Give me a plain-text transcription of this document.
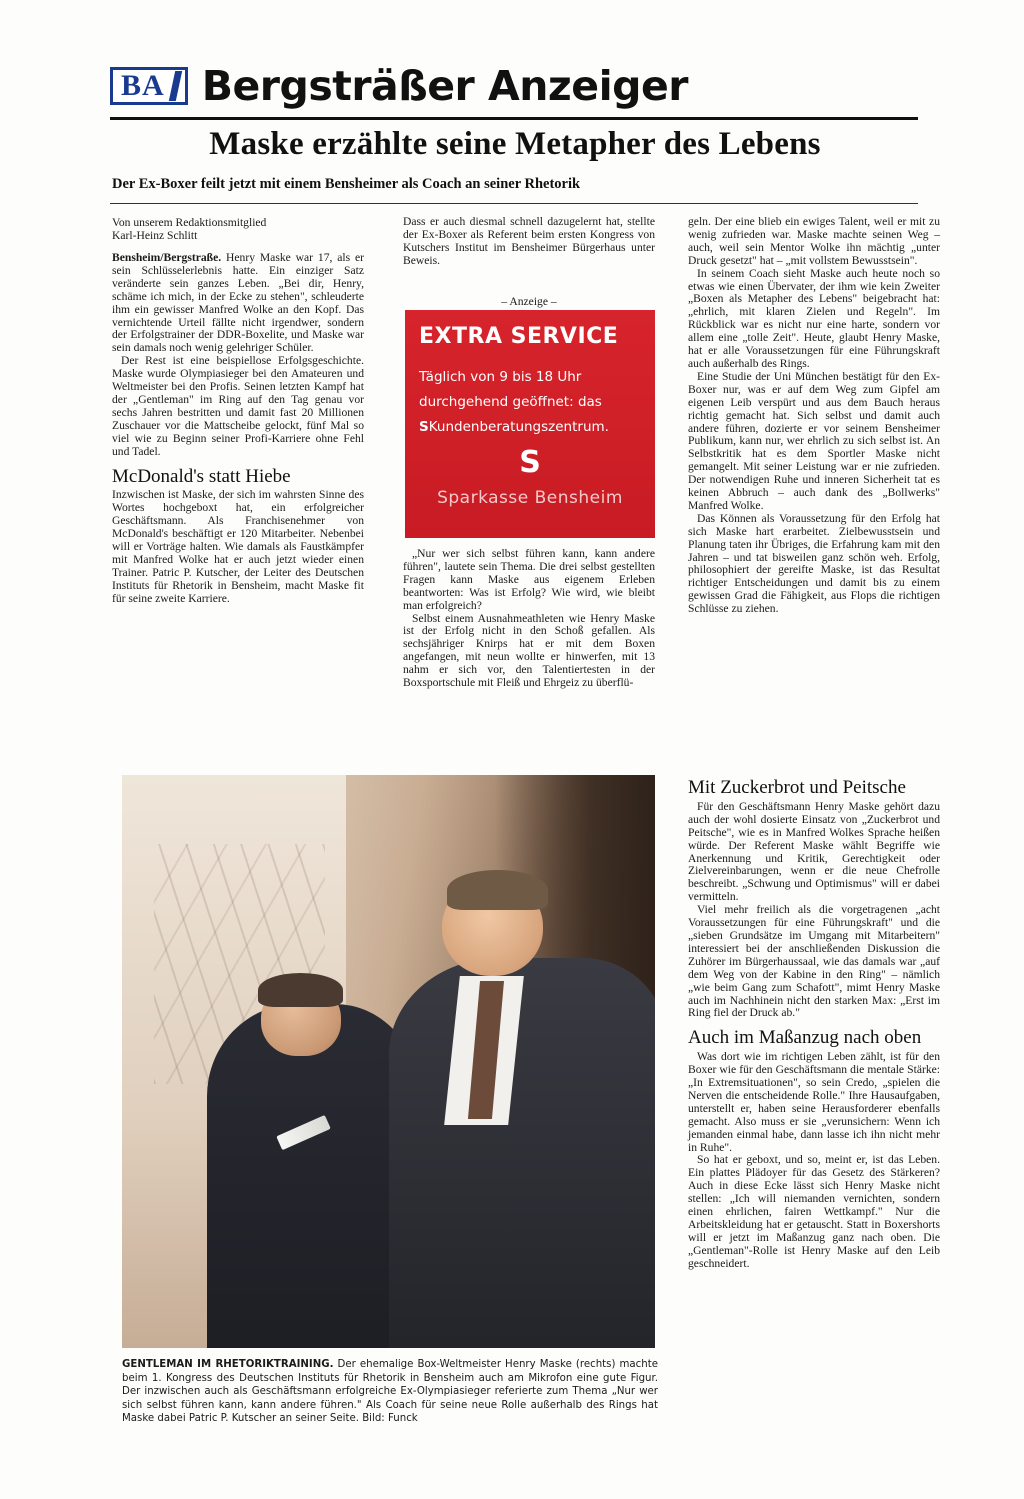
BA Bergsträßer Anzeiger
Maske erzählte seine Metapher des Lebens
Der Ex-Boxer feilt jetzt mit einem Bensheimer als Coach an seiner Rhetorik
Von unserem Redaktionsmitglied
Karl-Heinz Schlitt

Bensheim/Bergstraße. Henry Maske war 17, als er sein Schlüsselerlebnis hatte. Ein einziger Satz veränderte sein ganzes Leben. „Bei dir, Henry, schäme ich mich, in der Ecke zu stehen", schleuderte ihm ein gewisser Manfred Wolke an den Kopf. Das vernichtende Urteil fällte nicht irgendwer, sondern der Erfolgstrainer der DDR-Boxelite, und Maske war sein damals noch wenig gelehriger Schüler.

Der Rest ist eine beispiellose Erfolgsgeschichte. Maske wurde Olympiasieger bei den Amateuren und Weltmeister bei den Profis. Seinen letzten Kampf hat der „Gentleman" im Ring auf den Tag genau vor sechs Jahren bestritten und damit fast 20 Millionen Zuschauer vor die Mattscheibe gelockt, fünf Mal so viel wie zu Beginn seiner Profi-Karriere ohne Fehl und Tadel.

McDonald's statt Hiebe

Inzwischen ist Maske, der sich im wahrsten Sinne des Wortes hochgeboxt hat, ein erfolgreicher Geschäftsmann. Als Franchisenehmer von McDonald's beschäftigt er 120 Mitarbeiter. Nebenbei will er Vorträge halten. Wie damals als Faustkämpfer mit Manfred Wolke hat er auch jetzt wieder einen Trainer. Patric P. Kutscher, der Leiter des Deutschen Instituts für Rhetorik in Bensheim, macht Maske fit für seine zweite Karriere.

Dass er auch diesmal schnell dazugelernt hat, stellte der Ex-Boxer als Referent beim ersten Kongress von Kutschers Institut im Bensheimer Bürgerhaus unter Beweis.

– Anzeige –
EXTRA SERVICE
Täglich von 9 bis 18 Uhr
durchgehend geöffnet: das
SKundenberatungszentrum.
S
Sparkasse Bensheim

„Nur wer sich selbst führen kann, kann andere führen", lautete sein Thema. Die drei selbst gestellten Fragen kann Maske aus eigenem Erleben beantworten: Was ist Erfolg? Wie wird, wie bleibt man erfolgreich?

Selbst einem Ausnahmeathleten wie Henry Maske ist der Erfolg nicht in den Schoß gefallen. Als sechsjähriger Knirps hat er mit dem Boxen angefangen, mit neun wollte er hinwerfen, mit 13 nahm er sich vor, den Talentiertesten in der Boxsportschule mit Fleiß und Ehrgeiz zu überflü-

geln. Der eine blieb ein ewiges Talent, weil er mit zu wenig zufrieden war. Maske machte seinen Weg – auch, weil sein Mentor Wolke ihn mächtig „unter Druck gesetzt" hat – „mit vollstem Bewusstsein".

In seinem Coach sieht Maske auch heute noch so etwas wie einen Übervater, der ihm wie kein Zweiter „Boxen als Metapher des Lebens" beigebracht hat: „ehrlich, mit klaren Zielen und Regeln". Im Rückblick war es nicht nur eine harte, sondern vor allem eine „tolle Zeit". Heute, glaubt Henry Maske, hat er alle Voraussetzungen für eine Führungskraft auch außerhalb des Rings.

Eine Studie der Uni München bestätigt für den Ex-Boxer nur, was er auf dem Weg zum Gipfel am eigenen Leib verspürt und aus dem Bauch heraus richtig gemacht hat. Sich selbst und damit auch andere führen, dozierte er vor seinem Bensheimer Publikum, kann nur, wer ehrlich zu sich selbst ist. An Selbstkritik hat es dem Sportler Maske nicht gemangelt. Mit seiner Leistung war er nie zufrieden. Der notwendigen Ruhe und inneren Sicherheit tat es keinen Abbruch – auch dank des „Bollwerks" Manfred Wolke.

Das Können als Voraussetzung für den Erfolg hat sich Maske hart erarbeitet. Zielbewusstsein und Planung taten ihr Übriges, die Erfahrung kam mit den Jahren – und tat bisweilen ganz schön weh. Erfolg, philosophiert der gereifte Maske, ist das Resultat richtiger Entscheidungen und damit bis zu einem gewissen Grad die Fähigkeit, aus Flops die richtigen Schlüsse zu ziehen.

Mit Zuckerbrot und Peitsche

Für den Geschäftsmann Henry Maske gehört dazu auch der wohl dosierte Einsatz von „Zuckerbrot und Peitsche", wie es in Manfred Wolkes Sprache heißen würde. Der Referent Maske wählt Begriffe wie Anerkennung und Kritik, Gerechtigkeit oder Zielvereinbarungen, wenn er die neue Chefrolle beschreibt. „Schwung und Optimismus" will er dabei vermitteln.

Viel mehr freilich als die vorgetragenen „acht Voraussetzungen für eine Führungskraft" und die „sieben Grundsätze im Umgang mit Mitarbeitern" interessiert bei der anschließenden Diskussion die Zuhörer im Bürgerhaussaal, wie das damals war „auf dem Weg von der Kabine in den Ring" – nämlich „wie beim Gang zum Schafott", mimt Henry Maske auch im Nachhinein nicht den starken Max: „Erst im Ring fiel der Druck ab."

Auch im Maßanzug nach oben

Was dort wie im richtigen Leben zählt, ist für den Boxer wie für den Geschäftsmann die mentale Stärke: „In Extremsituationen", so sein Credo, „spielen die Nerven die entscheidende Rolle." Ihre Hausaufgaben, unterstellt er, haben seine Herausforderer ebenfalls gemacht. Also muss er sie „verunsichern: Wenn ich jemanden einmal habe, dann lasse ich ihn nicht mehr in Ruhe".

So hat er geboxt, und so, meint er, ist das Leben. Ein plattes Plädoyer für das Gesetz des Stärkeren? Auch in diese Ecke lässt sich Henry Maske nicht stellen: „Ich will niemanden vernichten, sondern einen ehrlichen, fairen Wettkampf." Nur die Arbeitskleidung hat er getauscht. Statt in Boxershorts will er jetzt im Maßanzug ganz nach oben. Die „Gentleman"-Rolle ist Henry Maske auf den Leib geschneidert.

GENTLEMAN IM RHETORIKTRAINING. Der ehemalige Box-Weltmeister Henry Maske (rechts) machte beim 1. Kongress des Deutschen Instituts für Rhetorik in Bensheim auch am Mikrofon eine gute Figur. Der inzwischen auch als Geschäftsmann erfolgreiche Ex-Olympiasieger referierte zum Thema „Nur wer sich selbst führen kann, kann andere führen." Als Coach für seine neue Rolle außerhalb des Rings hat Maske dabei Patric P. Kutscher an seiner Seite. Bild: Funck
